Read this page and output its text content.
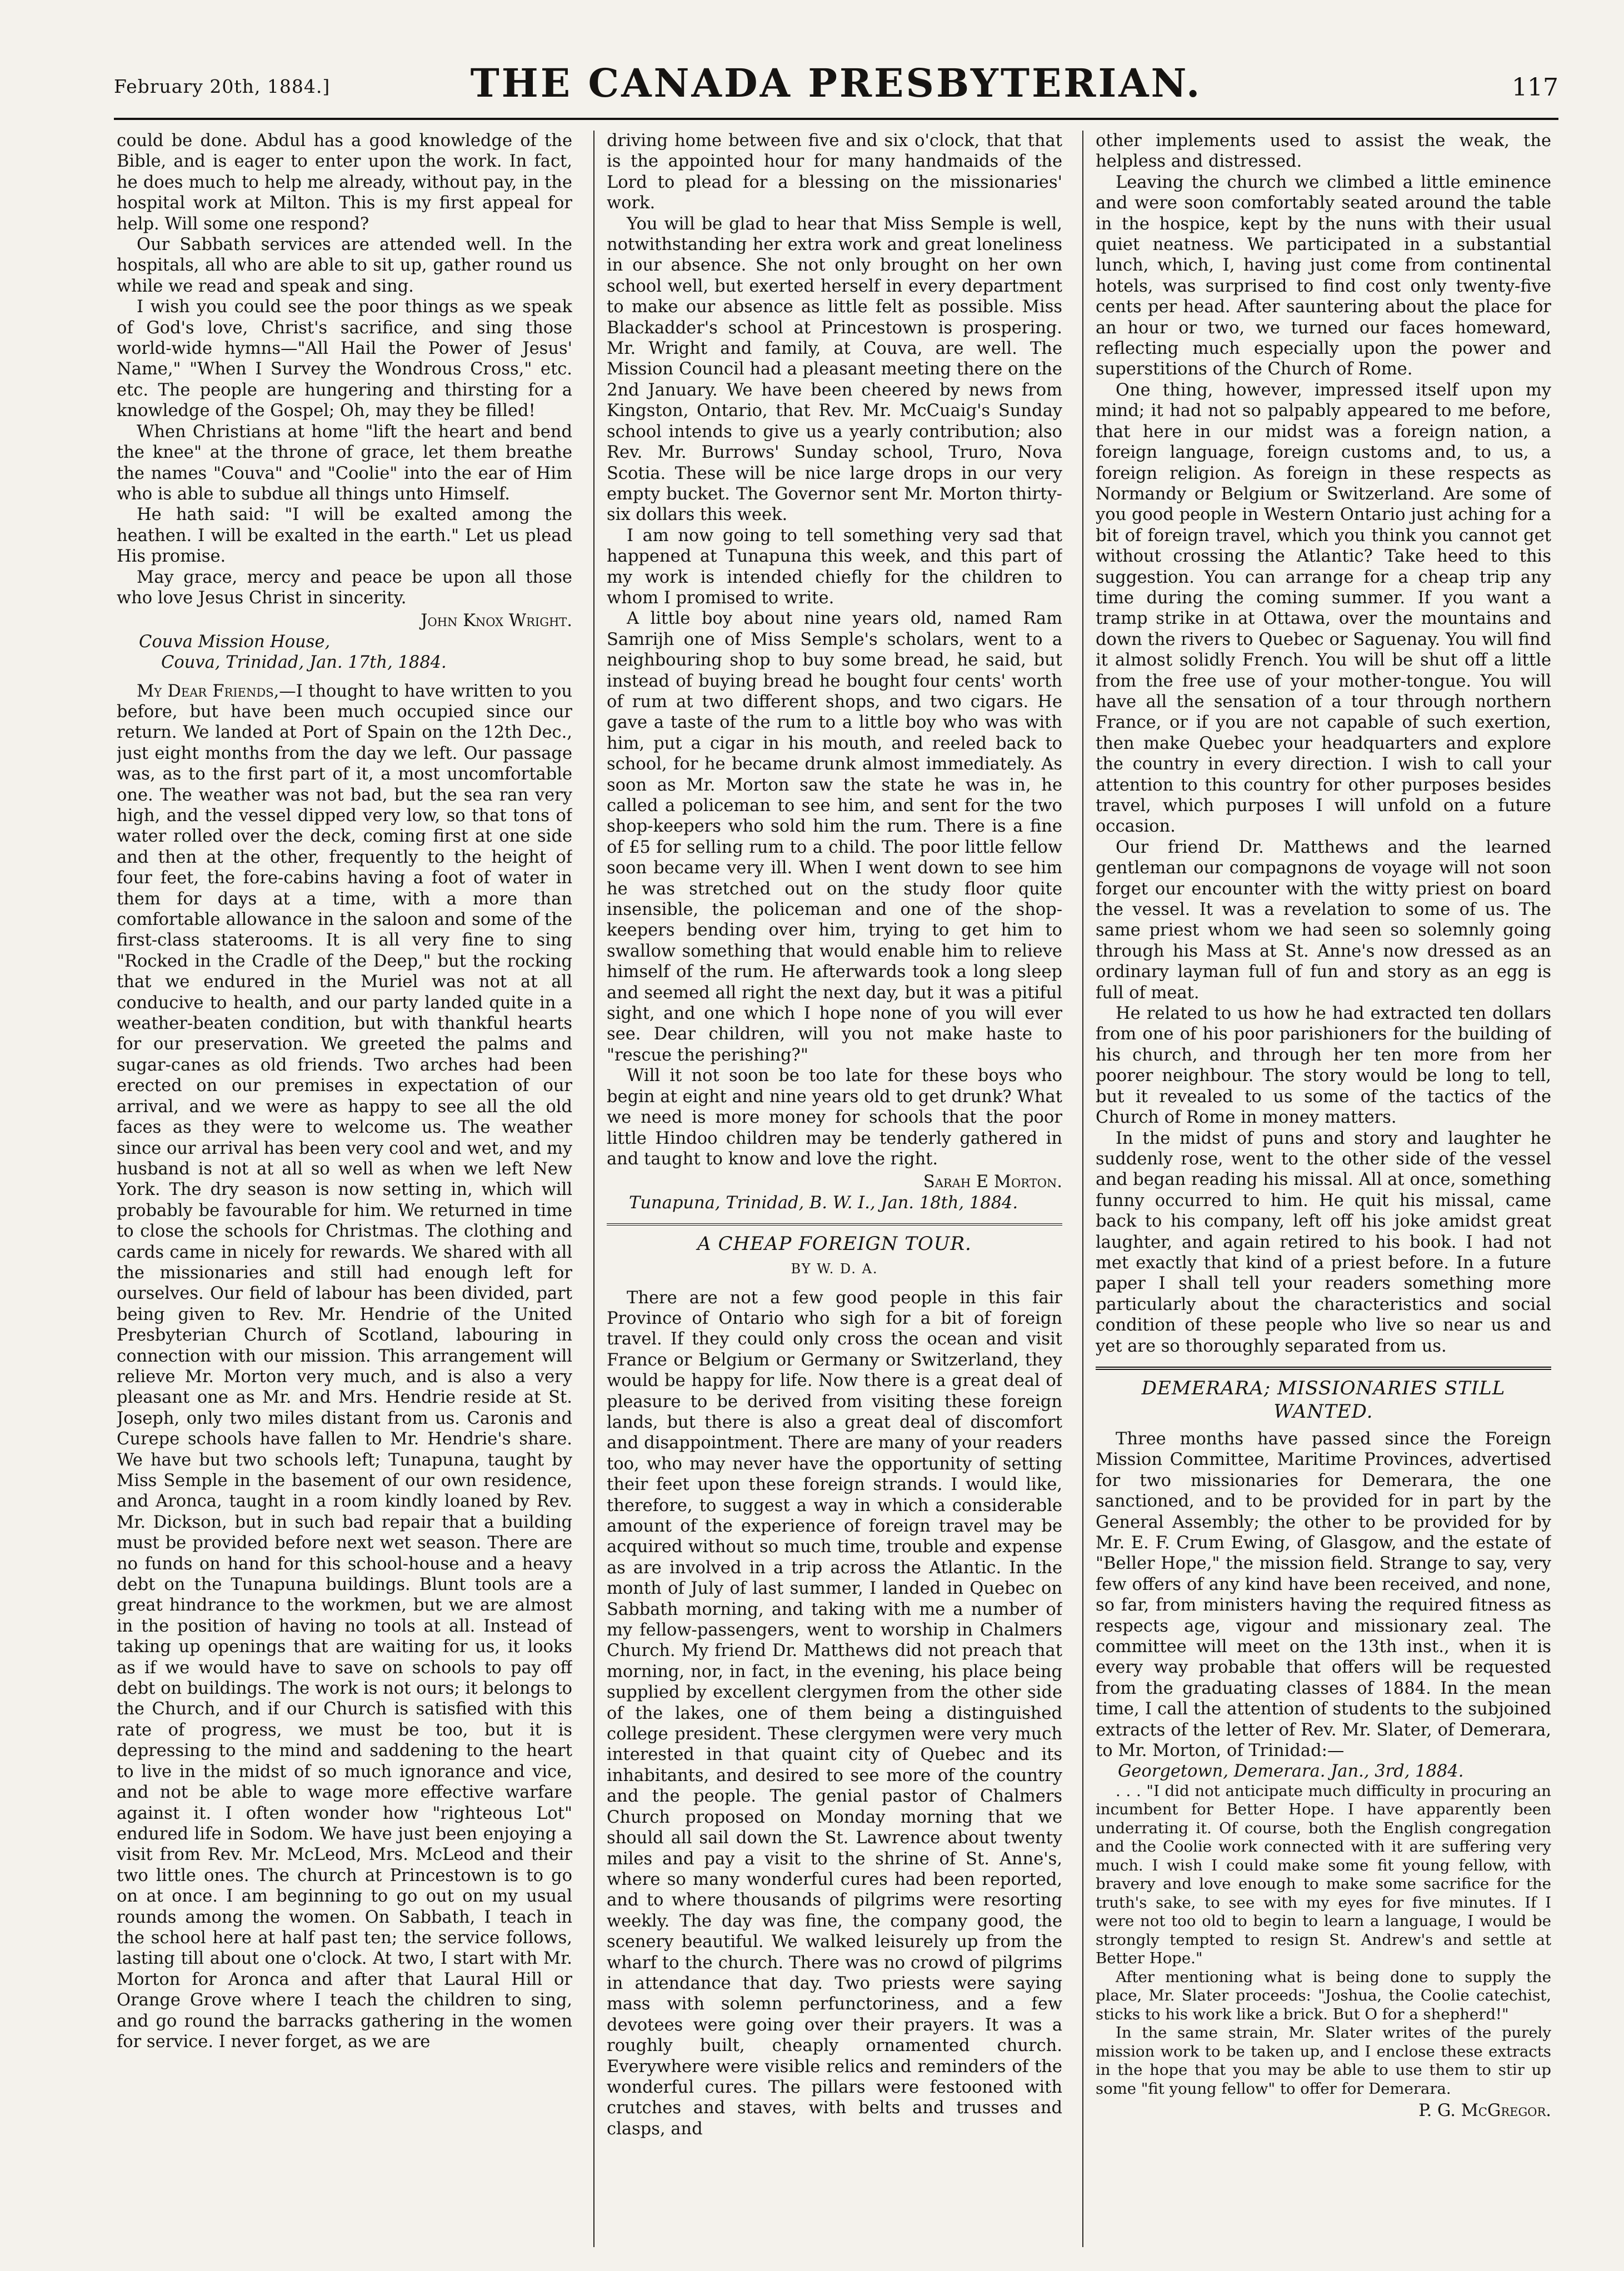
February 20th, 1884.]	THE CANADA PRESBYTERIAN.	117

could be done. Abdul has a good knowledge of the Bible, and is eager to enter upon the work. In fact, he does much to help me already, without pay, in the hospital work at Milton. This is my first appeal for help. Will some one respond?

Our Sabbath services are attended well. In the hospitals, all who are able to sit up, gather round us while we read and speak and sing.

I wish you could see the poor things as we speak of God's love, Christ's sacrifice, and sing those world-wide hymns—"All Hail the Power of Jesus' Name," "When I Survey the Wondrous Cross," etc. etc. The people are hungering and thirsting for a knowledge of the Gospel; Oh, may they be filled!

When Christians at home "lift the heart and bend the knee" at the throne of grace, let them breathe the names "Couva" and "Coolie" into the ear of Him who is able to subdue all things unto Himself.

He hath said: "I will be exalted among the heathen. I will be exalted in the earth." Let us plead His promise.

May grace, mercy and peace be upon all those who love Jesus Christ in sincerity.

John Knox Wright.
Couva Mission House,
Couva, Trinidad, Jan. 17th, 1884.

My Dear Friends,—I thought to have written to you before, but have been much occupied since our return. We landed at Port of Spain on the 12th Dec., just eight months from the day we left. Our passage was, as to the first part of it, a most uncomfortable one. The weather was not bad, but the sea ran very high, and the vessel dipped very low, so that tons of water rolled over the deck, coming first at one side and then at the other, frequently to the height of four feet, the fore-cabins having a foot of water in them for days at a time, with a more than comfortable allowance in the saloon and some of the first-class staterooms. It is all very fine to sing "Rocked in the Cradle of the Deep," but the rocking that we endured in the Muriel was not at all conducive to health, and our party landed quite in a weather-beaten condition, but with thankful hearts for our preservation. We greeted the palms and sugar-canes as old friends. Two arches had been erected on our premises in expectation of our arrival, and we were as happy to see all the old faces as they were to welcome us. The weather since our arrival has been very cool and wet, and my husband is not at all so well as when we left New York. The dry season is now setting in, which will probably be favourable for him. We returned in time to close the schools for Christmas. The clothing and cards came in nicely for rewards. We shared with all the missionaries and still had enough left for ourselves. Our field of labour has been divided, part being given to Rev. Mr. Hendrie of the United Presbyterian Church of Scotland, labouring in connection with our mission. This arrangement will relieve Mr. Morton very much, and is also a very pleasant one as Mr. and Mrs. Hendrie reside at St. Joseph, only two miles distant from us. Caronis and Curepe schools have fallen to Mr. Hendrie's share. We have but two schools left; Tunapuna, taught by Miss Semple in the basement of our own residence, and Aronca, taught in a room kindly loaned by Rev. Mr. Dickson, but in such bad repair that a building must be provided before next wet season. There are no funds on hand for this school-house and a heavy debt on the Tunapuna buildings. Blunt tools are a great hindrance to the workmen, but we are almost in the position of having no tools at all. Instead of taking up openings that are waiting for us, it looks as if we would have to save on schools to pay off debt on buildings. The work is not ours; it belongs to the Church, and if our Church is satisfied with this rate of progress, we must be too, but it is depressing to the mind and saddening to the heart to live in the midst of so much ignorance and vice, and not be able to wage more effective warfare against it. I often wonder how "righteous Lot" endured life in Sodom. We have just been enjoying a visit from Rev. Mr. McLeod, Mrs. McLeod and their two little ones. The church at Princestown is to go on at once. I am beginning to go out on my usual rounds among the women. On Sabbath, I teach in the school here at half past ten; the service follows, lasting till about one o'clock. At two, I start with Mr. Morton for Aronca and after that Laural Hill or Orange Grove where I teach the children to sing, and go round the barracks gathering in the women for service. I never forget, as we are

driving home between five and six o'clock, that that is the appointed hour for many handmaids of the Lord to plead for a blessing on the missionaries' work.

You will be glad to hear that Miss Semple is well, notwithstanding her extra work and great loneliness in our absence. She not only brought on her own school well, but exerted herself in every department to make our absence as little felt as possible. Miss Blackadder's school at Princestown is prospering. Mr. Wright and family, at Couva, are well. The Mission Council had a pleasant meeting there on the 2nd January. We have been cheered by news from Kingston, Ontario, that Rev. Mr. McCuaig's Sunday school intends to give us a yearly contribution; also Rev. Mr. Burrows' Sunday school, Truro, Nova Scotia. These will be nice large drops in our very empty bucket. The Governor sent Mr. Morton thirty-six dollars this week.

I am now going to tell something very sad that happened at Tunapuna this week, and this part of my work is intended chiefly for the children to whom I promised to write.

A little boy about nine years old, named Ram Samrijh one of Miss Semple's scholars, went to a neighbouring shop to buy some bread, he said, but instead of buying bread he bought four cents' worth of rum at two different shops, and two cigars. He gave a taste of the rum to a little boy who was with him, put a cigar in his mouth, and reeled back to school, for he became drunk almost immediately. As soon as Mr. Morton saw the state he was in, he called a policeman to see him, and sent for the two shop-keepers who sold him the rum. There is a fine of £5 for selling rum to a child. The poor little fellow soon became very ill. When I went down to see him he was stretched out on the study floor quite insensible, the policeman and one of the shop-keepers bending over him, trying to get him to swallow something that would enable him to relieve himself of the rum. He afterwards took a long sleep and seemed all right the next day, but it was a pitiful sight, and one which I hope none of you will ever see. Dear children, will you not make haste to "rescue the perishing?"

Will it not soon be too late for these boys who begin at eight and nine years old to get drunk? What we need is more money for schools that the poor little Hindoo children may be tenderly gathered in and taught to know and love the right.

Sarah E Morton.
Tunapuna, Trinidad, B. W. I., Jan. 18th, 1884.
A CHEAP FOREIGN TOUR.
BY W. D. A.

There are not a few good people in this fair Province of Ontario who sigh for a bit of foreign travel. If they could only cross the ocean and visit France or Belgium or Germany or Switzerland, they would be happy for life. Now there is a great deal of pleasure to be derived from visiting these foreign lands, but there is also a great deal of discomfort and disappointment. There are many of your readers too, who may never have the opportunity of setting their feet upon these foreign strands. I would like, therefore, to suggest a way in which a considerable amount of the experience of foreign travel may be acquired without so much time, trouble and expense as are involved in a trip across the Atlantic. In the month of July of last summer, I landed in Quebec on Sabbath morning, and taking with me a number of my fellow-passengers, went to worship in Chalmers Church. My friend Dr. Matthews did not preach that morning, nor, in fact, in the evening, his place being supplied by excellent clergymen from the other side of the lakes, one of them being a distinguished college president. These clergymen were very much interested in that quaint city of Quebec and its inhabitants, and desired to see more of the country and the people. The genial pastor of Chalmers Church proposed on Monday morning that we should all sail down the St. Lawrence about twenty miles and pay a visit to the shrine of St. Anne's, where so many wonderful cures had been reported, and to where thousands of pilgrims were resorting weekly. The day was fine, the company good, the scenery beautiful. We walked leisurely up from the wharf to the church. There was no crowd of pilgrims in attendance that day. Two priests were saying mass with solemn perfunctoriness, and a few devotees were going over their prayers. It was a roughly built, cheaply ornamented church. Everywhere were visible relics and reminders of the wonderful cures. The pillars were festooned with crutches and staves, with belts and trusses and clasps, and

other implements used to assist the weak, the helpless and distressed.

Leaving the church we climbed a little eminence and were soon comfortably seated around the table in the hospice, kept by the nuns with their usual quiet neatness. We participated in a substantial lunch, which, I, having just come from continental hotels, was surprised to find cost only twenty-five cents per head. After sauntering about the place for an hour or two, we turned our faces homeward, reflecting much especially upon the power and superstitions of the Church of Rome.

One thing, however, impressed itself upon my mind; it had not so palpably appeared to me before, that here in our midst was a foreign nation, a foreign language, foreign customs and, to us, a foreign religion. As foreign in these respects as Normandy or Belgium or Switzerland. Are some of you good people in Western Ontario just aching for a bit of foreign travel, which you think you cannot get without crossing the Atlantic? Take heed to this suggestion. You can arrange for a cheap trip any time during the coming summer. If you want a tramp strike in at Ottawa, over the mountains and down the rivers to Quebec or Saguenay. You will find it almost solidly French. You will be shut off a little from the free use of your mother-tongue. You will have all the sensation of a tour through northern France, or if you are not capable of such exertion, then make Quebec your headquarters and explore the country in every direction. I wish to call your attention to this country for other purposes besides travel, which purposes I will unfold on a future occasion.

Our friend Dr. Matthews and the learned gentleman our compagnons de voyage will not soon forget our encounter with the witty priest on board the vessel. It was a revelation to some of us. The same priest whom we had seen so solemnly going through his Mass at St. Anne's now dressed as an ordinary layman full of fun and story as an egg is full of meat.

He related to us how he had extracted ten dollars from one of his poor parishioners for the building of his church, and through her ten more from her poorer neighbour. The story would be long to tell, but it revealed to us some of the tactics of the Church of Rome in money matters.

In the midst of puns and story and laughter he suddenly rose, went to the other side of the vessel and began reading his missal. All at once, something funny occurred to him. He quit his missal, came back to his company, left off his joke amidst great laughter, and again retired to his book. I had not met exactly that kind of a priest before. In a future paper I shall tell your readers something more particularly about the characteristics and social condition of these people who live so near us and yet are so thoroughly separated from us.

DEMERARA; MISSIONARIES STILL WANTED.

Three months have passed since the Foreign Mission Committee, Maritime Provinces, advertised for two missionaries for Demerara, the one sanctioned, and to be provided for in part by the General Assembly; the other to be provided for by Mr. E. F. Crum Ewing, of Glasgow, and the estate of "Beller Hope," the mission field. Strange to say, very few offers of any kind have been received, and none, so far, from ministers having the required fitness as respects age, vigour and missionary zeal. The committee will meet on the 13th inst., when it is every way probable that offers will be requested from the graduating classes of 1884. In the mean time, I call the attention of students to the subjoined extracts of the letter of Rev. Mr. Slater, of Demerara, to Mr. Morton, of Trinidad:—

Georgetown, Demerara. Jan., 3rd, 1884.

. . . "I did not anticipate much difficulty in procuring an incumbent for Better Hope. I have apparently been underrating it. Of course, both the English congregation and the Coolie work connected with it are suffering very much. I wish I could make some fit young fellow, with bravery and love enough to make some sacrifice for the truth's sake, to see with my eyes for five minutes. If I were not too old to begin to learn a language, I would be strongly tempted to resign St. Andrew's and settle at Better Hope."

After mentioning what is being done to supply the place, Mr. Slater proceeds: "Joshua, the Coolie catechist, sticks to his work like a brick. But O for a shepherd!"

In the same strain, Mr. Slater writes of the purely mission work to be taken up, and I enclose these extracts in the hope that you may be able to use them to stir up some "fit young fellow" to offer for Demerara.

P. G. McGregor.
